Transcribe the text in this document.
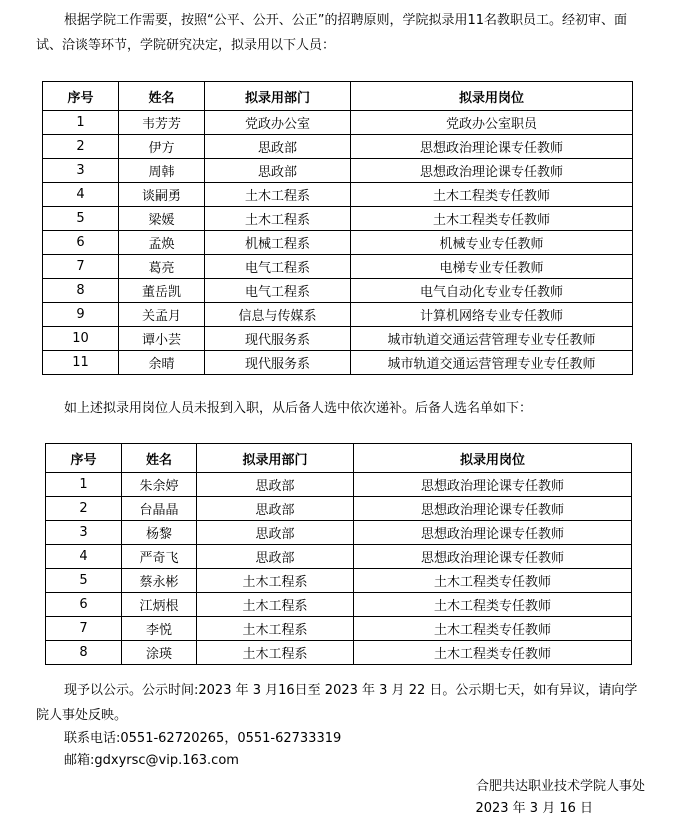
根据学院工作需要，按照“公平、公开、公正”的招聘原则，学院拟录用11名教职员工。经初审、面试、洽谈等环节，学院研究决定，拟录用以下人员：

序号	姓名	拟录用部门	拟录用岗位
1	韦芳芳	党政办公室	党政办公室职员
2	伊方	思政部	思想政治理论课专任教师
3	周韩	思政部	思想政治理论课专任教师
4	谈嗣勇	土木工程系	土木工程类专任教师
5	梁媛	土木工程系	土木工程类专任教师
6	孟焕	机械工程系	机械专业专任教师
7	葛亮	电气工程系	电梯专业专任教师
8	董岳凯	电气工程系	电气自动化专业专任教师
9	关孟月	信息与传媒系	计算机网络专业专任教师
10	谭小芸	现代服务系	城市轨道交通运营管理专业专任教师
11	余晴	现代服务系	城市轨道交通运营管理专业专任教师

如上述拟录用岗位人员未报到入职，从后备人选中依次递补。后备人选名单如下：

序号	姓名	拟录用部门	拟录用岗位
1	朱余婷	思政部	思想政治理论课专任教师
2	台晶晶	思政部	思想政治理论课专任教师
3	杨黎	思政部	思想政治理论课专任教师
4	严奇飞	思政部	思想政治理论课专任教师
5	蔡永彬	土木工程系	土木工程类专任教师
6	江炳根	土木工程系	土木工程类专任教师
7	李悦	土木工程系	土木工程类专任教师
8	涂瑛	土木工程系	土木工程类专任教师

现予以公示。公示时间:2023 年 3 月16日至 2023 年 3 月 22 日。公示期七天，如有异议，请向学院人事处反映。

联系电话:0551-62720265，0551-62733319
邮箱:gdxyrsc@vip.163.com
合肥共达职业技术学院人事处
2023 年 3 月 16 日
